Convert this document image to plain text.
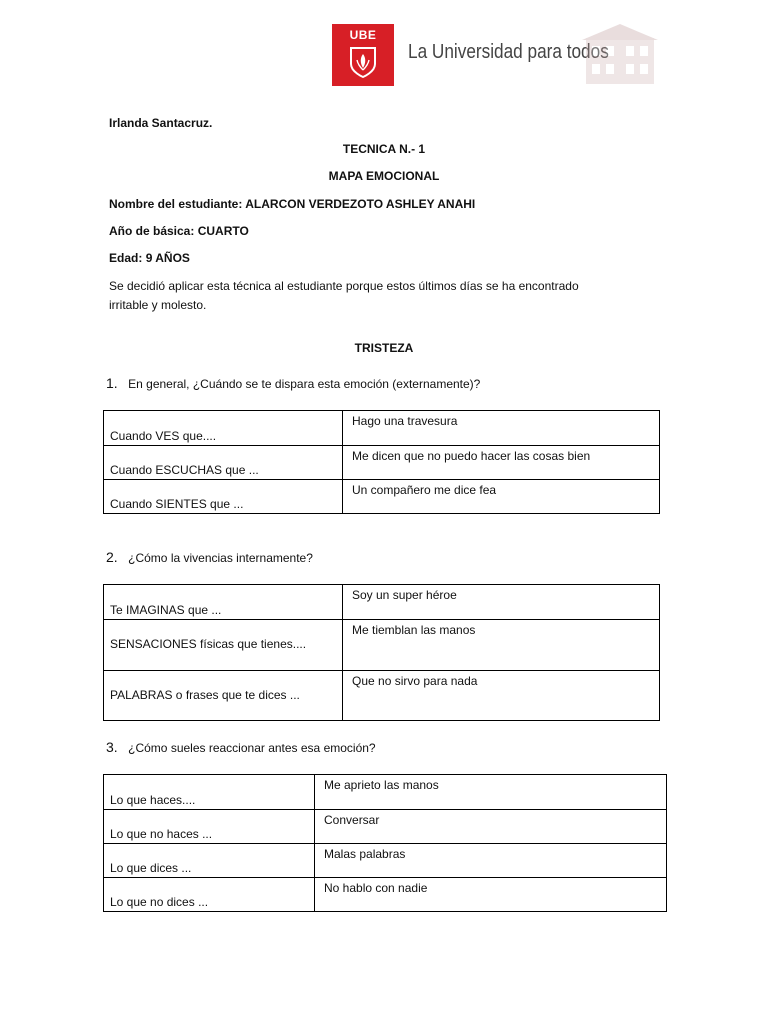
UBE
La Universidad para todos
Irlanda Santacruz.
TECNICA N.- 1
MAPA EMOCIONAL
Nombre del estudiante: ALARCON VERDEZOTO ASHLEY ANAHI
Año de básica: CUARTO
Edad: 9 AÑOS
Se decidió aplicar esta técnica al estudiante porque estos últimos días se ha encontrado
irritable y molesto.
TRISTEZA
1. En general, ¿Cuándo se te dispara esta emoción (externamente)?
Cuando VES que....	Hago una travesura
Cuando ESCUCHAS que ...	Me dicen que no puedo hacer las cosas bien
Cuando SIENTES que ...	Un compañero me dice fea
2. ¿Cómo la vivencias internamente?
Te IMAGINAS que ...	Soy un super héroe
SENSACIONES físicas que tienes....	Me tiemblan las manos
PALABRAS o frases que te dices ...	Que no sirvo para nada
3. ¿Cómo sueles reaccionar antes esa emoción?
Lo que haces....	Me aprieto las manos
Lo que no haces ...	Conversar
Lo que dices ...	Malas palabras
Lo que no dices ...	No hablo con nadie
